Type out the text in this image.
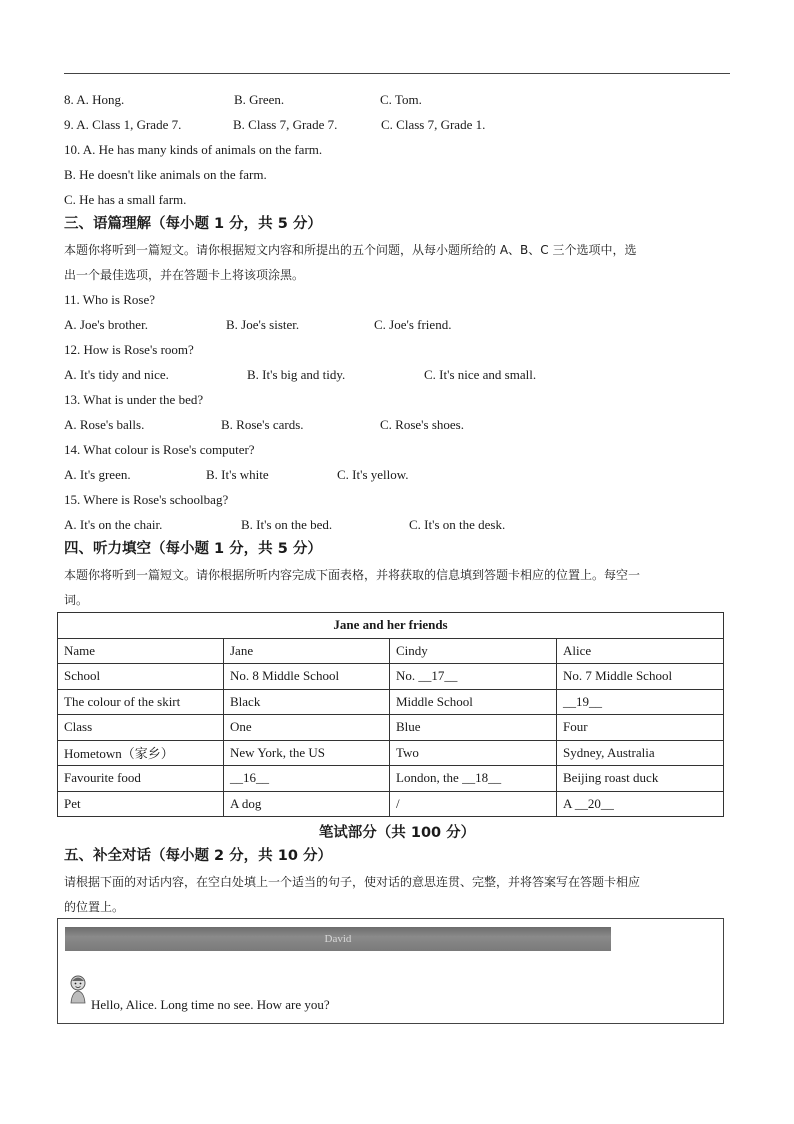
8. A. Hong.	B. Green.	C. Tom.
9. A. Class 1, Grade 7.	B. Class 7, Grade 7.	C. Class 7, Grade 1.
10. A. He has many kinds of animals on the farm.
B. He doesn't like animals on the farm.
C. He has a small farm.
三、语篇理解（每小题 1 分，共 5 分）
本题你将听到一篇短文。请你根据短文内容和所提出的五个问题，从每小题所给的 A、B、C 三个选项中，选
出一个最佳选项，并在答题卡上将该项涂黑。
11. Who is Rose?
A. Joe's brother.	B. Joe's sister.	C. Joe's friend.
12. How is Rose's room?
A. It's tidy and nice.	B. It's big and tidy.	C. It's nice and small.
13. What is under the bed?
A. Rose's balls.	B. Rose's cards.	C. Rose's shoes.
14. What colour is Rose's computer?
A. It's green.	B. It's white	C. It's yellow.
15. Where is Rose's schoolbag?
A. It's on the chair.	B. It's on the bed.	C. It's on the desk.
四、听力填空（每小题 1 分，共 5 分）
本题你将听到一篇短文。请你根据所听内容完成下面表格，并将获取的信息填到答题卡相应的位置上。每空一
词。
Jane and her friends			
Name	Jane	Cindy	Alice
School	No. 8 Middle School	No. __17__	No. 7 Middle School
The colour of the skirt	Black	Middle School	__19__
Class	One	Blue	Four
Hometown（家乡）	New York, the US	Two	Sydney, Australia
Favourite food	__16__	London, the __18__	Beijing roast duck
Pet	A dog	/	A __20__
笔试部分（共 100 分）
五、补全对话（每小题 2 分，共 10 分）
请根据下面的对话内容，在空白处填上一个适当的句子，使对话的意思连贯、完整，并将答案写在答题卡相应
的位置上。
David
Hello, Alice. Long time no see. How are you?
